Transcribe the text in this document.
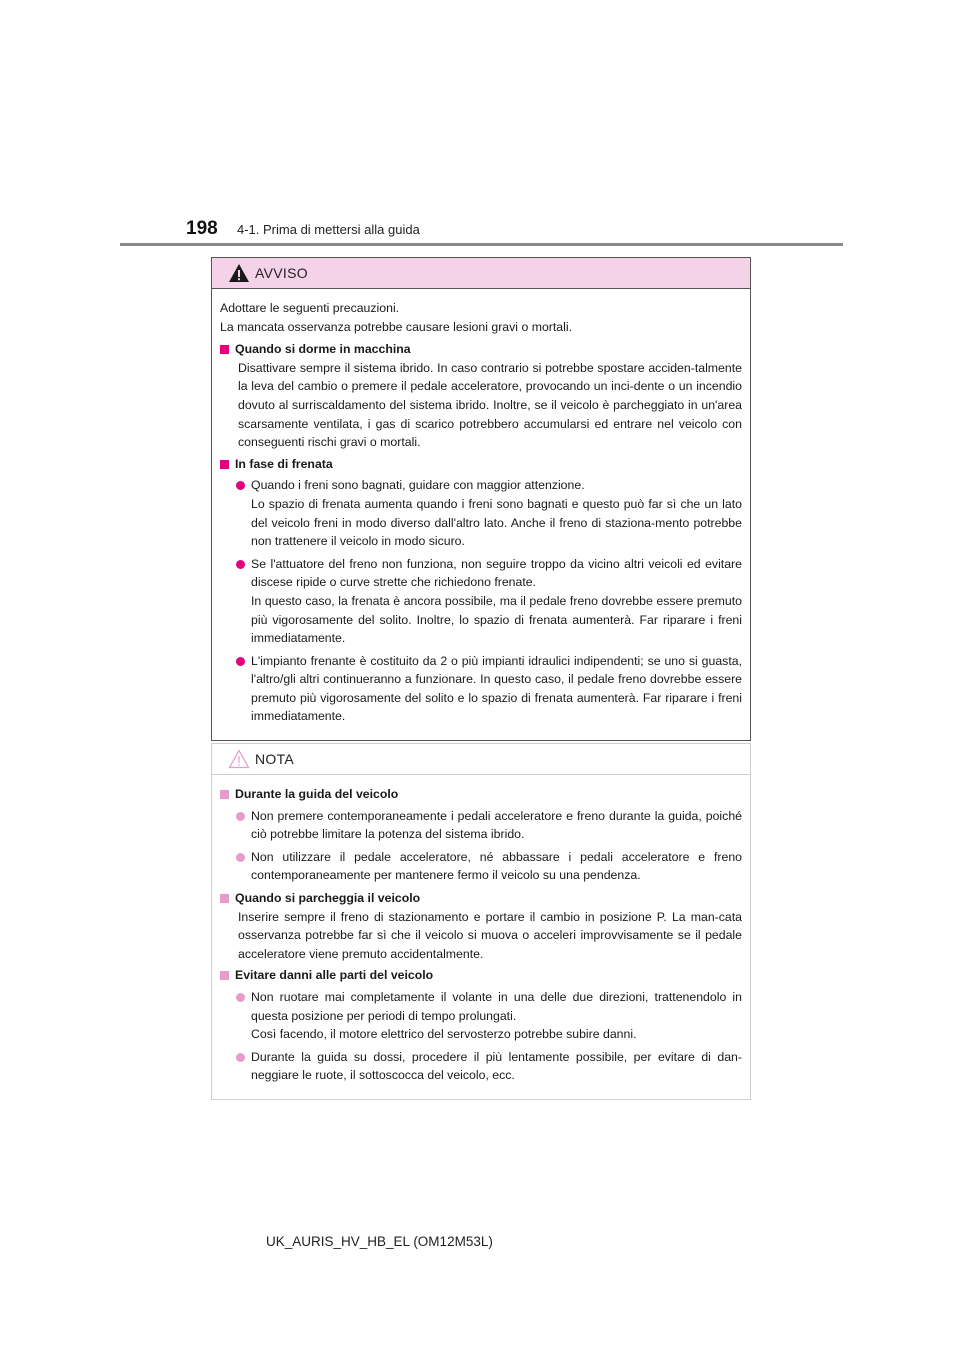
198 4-1. Prima di mettersi alla guida
AVVISO

Adottare le seguenti precauzioni.
La mancata osservanza potrebbe causare lesioni gravi o mortali.

Quando si dorme in macchina

Disattivare sempre il sistema ibrido. In caso contrario si potrebbe spostare acciden-talmente la leva del cambio o premere il pedale acceleratore, provocando un inci-dente o un incendio dovuto al surriscaldamento del sistema ibrido. Inoltre, se il veicolo è parcheggiato in un'area scarsamente ventilata, i gas di scarico potrebbero accumularsi ed entrare nel veicolo con conseguenti rischi gravi o mortali.

In fase di frenata

Quando i freni sono bagnati, guidare con maggior attenzione.
Lo spazio di frenata aumenta quando i freni sono bagnati e questo può far sì che un lato del veicolo freni in modo diverso dall'altro lato. Anche il freno di staziona-mento potrebbe non trattenere il veicolo in modo sicuro.

Se l'attuatore del freno non funziona, non seguire troppo da vicino altri veicoli ed evitare discese ripide o curve strette che richiedono frenate.
In questo caso, la frenata è ancora possibile, ma il pedale freno dovrebbe essere premuto più vigorosamente del solito. Inoltre, lo spazio di frenata aumenterà. Far riparare i freni immediatamente.

L'impianto frenante è costituito da 2 o più impianti idraulici indipendenti; se uno si guasta, l'altro/gli altri continueranno a funzionare. In questo caso, il pedale freno dovrebbe essere premuto più vigorosamente del solito e lo spazio di frenata aumenterà. Far riparare i freni immediatamente.

NOTA

Durante la guida del veicolo

Non premere contemporaneamente i pedali acceleratore e freno durante la guida, poiché ciò potrebbe limitare la potenza del sistema ibrido.

Non utilizzare il pedale acceleratore, né abbassare i pedali acceleratore e freno contemporaneamente per mantenere fermo il veicolo su una pendenza.

Quando si parcheggia il veicolo

Inserire sempre il freno di stazionamento e portare il cambio in posizione P. La man-cata osservanza potrebbe far sì che il veicolo si muova o acceleri improvvisamente se il pedale acceleratore viene premuto accidentalmente.

Evitare danni alle parti del veicolo

Non ruotare mai completamente il volante in una delle due direzioni, trattenendolo in questa posizione per periodi di tempo prolungati.
Così facendo, il motore elettrico del servosterzo potrebbe subire danni.

Durante la guida su dossi, procedere il più lentamente possibile, per evitare di dan-neggiare le ruote, il sottoscocca del veicolo, ecc.

UK_AURIS_HV_HB_EL (OM12M53L)
